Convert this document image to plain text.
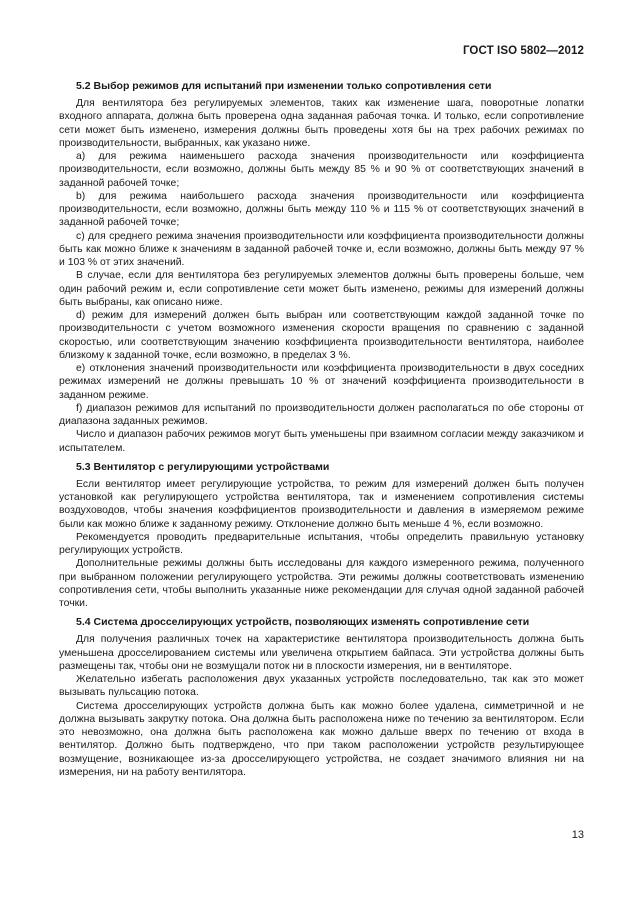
ГОСТ ISO 5802—2012
5.2 Выбор режимов для испытаний при изменении только сопротивления сети

Для вентилятора без регулируемых элементов, таких как изменение шага, поворотные лопатки входного аппарата, должна быть проверена одна заданная рабочая точка. И только, если сопротивление сети может быть изменено, измерения должны быть проведены хотя бы на трех рабочих режимах по производительности, выбранных, как указано ниже.

а) для режима наименьшего расхода значения производительности или коэффициента производительности, если возможно, должны быть между 85 % и 90 % от соответствующих значений в заданной рабочей точке;

b) для режима наибольшего расхода значения производительности или коэффициента производительности, если возможно, должны быть между 110 % и 115 % от соответствующих значений в заданной рабочей точке;

c) для среднего режима значения производительности или коэффициента производительности должны быть как можно ближе к значениям в заданной рабочей точке и, если возможно, должны быть между 97 % и 103 % от этих значений.

В случае, если для вентилятора без регулируемых элементов должны быть проверены больше, чем один рабочий режим и, если сопротивление сети может быть изменено, режимы для измерений должны быть выбраны, как описано ниже.

d) режим для измерений должен быть выбран или соответствующим каждой заданной точке по производительности с учетом возможного изменения скорости вращения по сравнению с заданной скоростью, или соответствующим значению коэффициента производительности вентилятора, наиболее близкому к заданной точке, если возможно, в пределах 3 %.

е) отклонения значений производительности или коэффициента производительности в двух соседних режимах измерений не должны превышать 10 % от значений коэффициента производительности в заданном режиме.

f) диапазон режимов для испытаний по производительности должен располагаться по обе стороны от диапазона заданных режимов.

Число и диапазон рабочих режимов могут быть уменьшены при взаимном согласии между заказчиком и испытателем.

5.3 Вентилятор с регулирующими устройствами

Если вентилятор имеет регулирующие устройства, то режим для измерений должен быть получен установкой как регулирующего устройства вентилятора, так и изменением сопротивления системы воздуховодов, чтобы значения коэффициентов производительности и давления в измеряемом режиме были как можно ближе к заданному режиму. Отклонение должно быть меньше 4 %, если возможно.

Рекомендуется проводить предварительные испытания, чтобы определить правильную установку регулирующих устройств.

Дополнительные режимы должны быть исследованы для каждого измеренного режима, полученного при выбранном положении регулирующего устройства. Эти режимы должны соответствовать изменению сопротивления сети, чтобы выполнить указанные ниже рекомендации для случая одной заданной рабочей точки.

5.4 Система дросселирующих устройств, позволяющих изменять сопротивление сети

Для получения различных точек на характеристике вентилятора производительность должна быть уменьшена дросселированием системы или увеличена открытием байпаса. Эти устройства должны быть размещены так, чтобы они не возмущали поток ни в плоскости измерения, ни в вентиляторе.

Желательно избегать расположения двух указанных устройств последовательно, так как это может вызывать пульсацию потока.

Система дросселирующих устройств должна быть как можно более удалена, симметричной и не должна вызывать закрутку потока. Она должна быть расположена ниже по течению за вентилятором. Если это невозможно, она должна быть расположена как можно дальше вверх по течению от входа в вентилятор. Должно быть подтверждено, что при таком расположении устройств результирующее возмущение, возникающее из-за дросселирующего устройства, не создает значимого влияния ни на измерения, ни на работу вентилятора.

13
